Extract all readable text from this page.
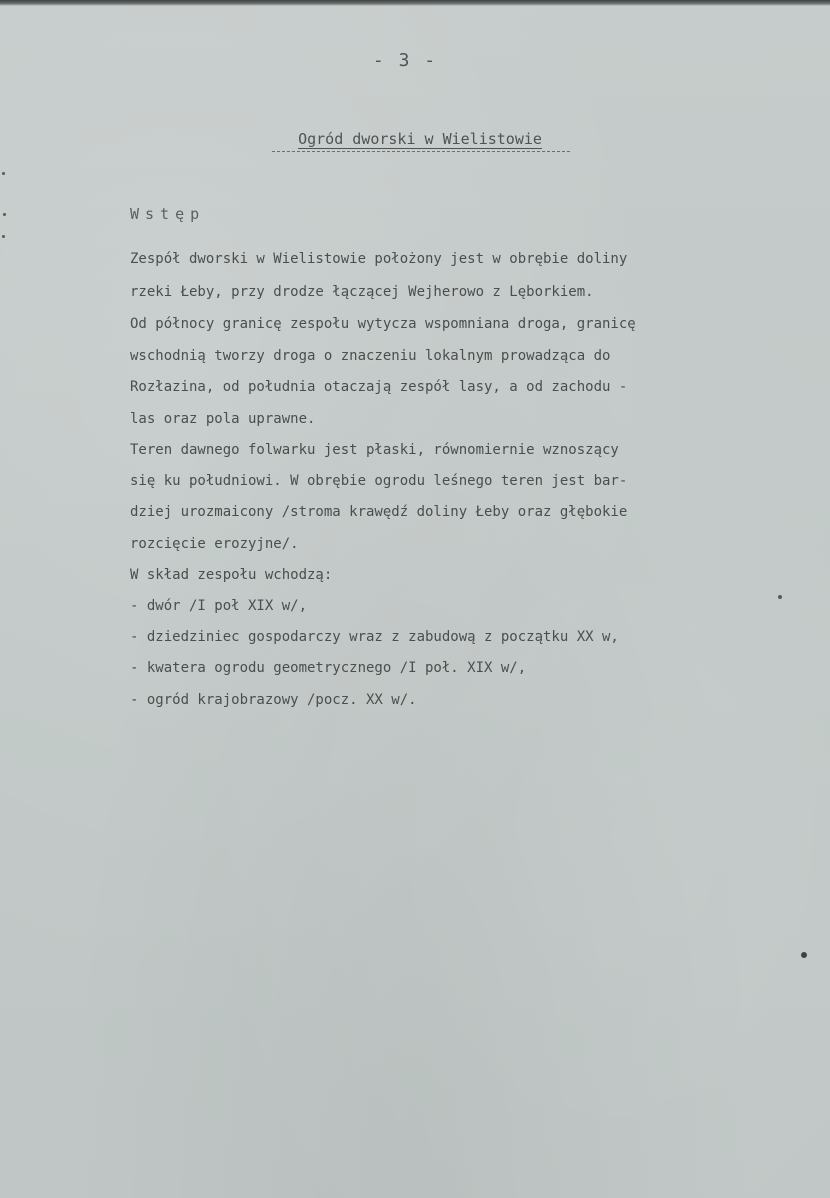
- 3 -
Ogród dworski w Wielistowie
Wstęp
Zespół dworski w Wielistowie położony jest w obrębie doliny
rzeki Łeby, przy drodze łączącej Wejherowo z Lęborkiem.
Od północy granicę zespołu wytycza wspomniana droga, granicę
wschodnią tworzy droga o znaczeniu lokalnym prowadząca do
Rozłazina, od południa otaczają zespół lasy, a od zachodu -
las oraz pola uprawne.
Teren dawnego folwarku jest płaski, równomiernie wznoszący
się ku południowi. W obrębie ogrodu leśnego teren jest bar-
dziej urozmaicony /stroma krawędź doliny Łeby oraz głębokie
rozcięcie erozyjne/.
W skład zespołu wchodzą:
- dwór /I poł XIX w/,
- dziedziniec gospodarczy wraz z zabudową z początku XX w,
- kwatera ogrodu geometrycznego /I poł. XIX w/,
- ogród krajobrazowy /pocz. XX w/.
